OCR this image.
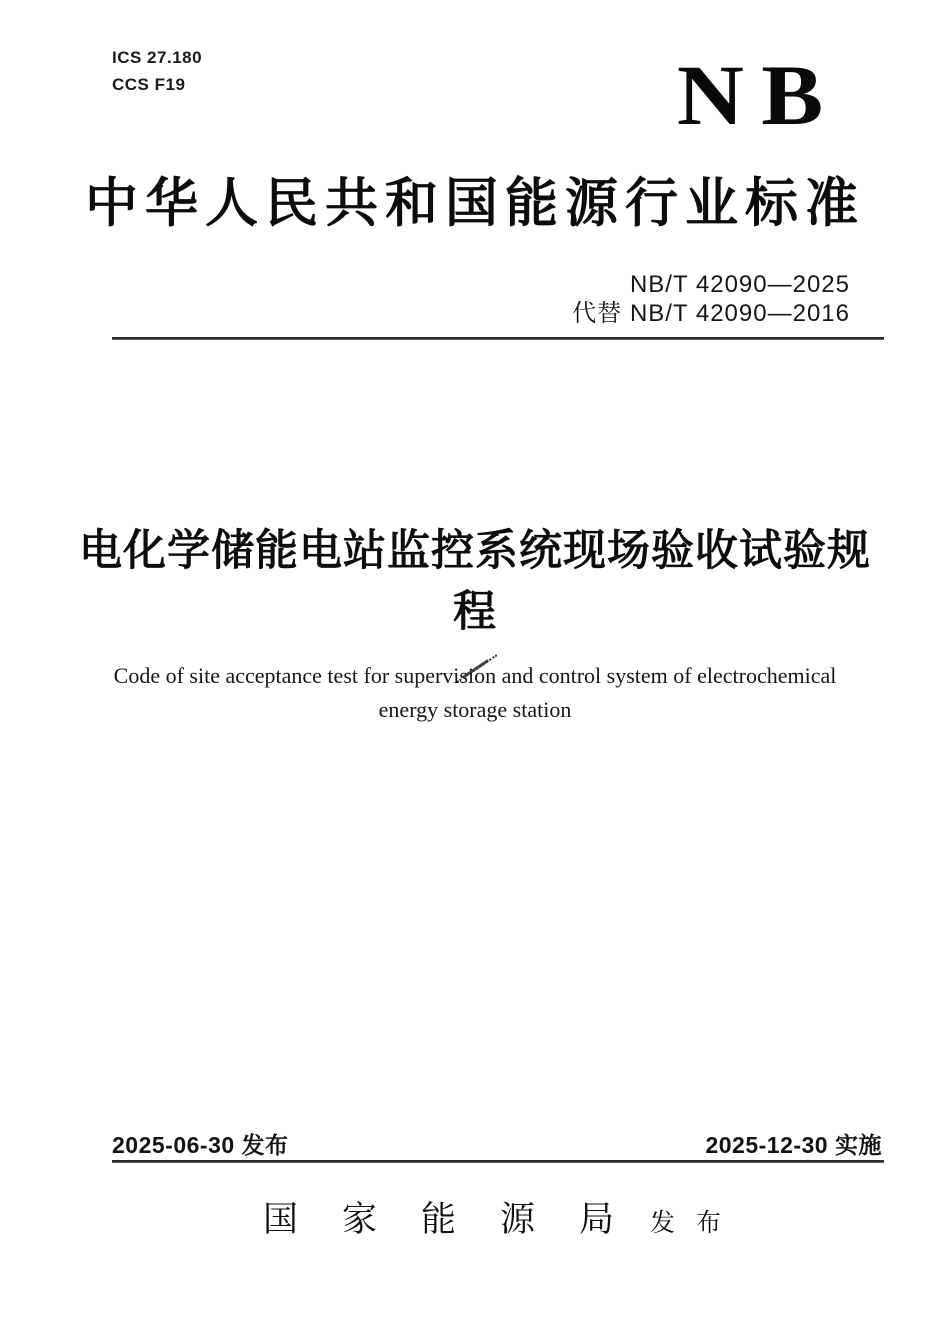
ICS 27.180
CCS F19	NB
中华人民共和国能源行业标准
NB/T 42090—2025
代替 NB/T 42090—2016
电化学储能电站监控系统现场验收试验规
程
Code of site acceptance test for supervision and control system of electrochemical
energy storage station
2025-06-30 发布	2025-12-30 实施
国家能源局
发布
